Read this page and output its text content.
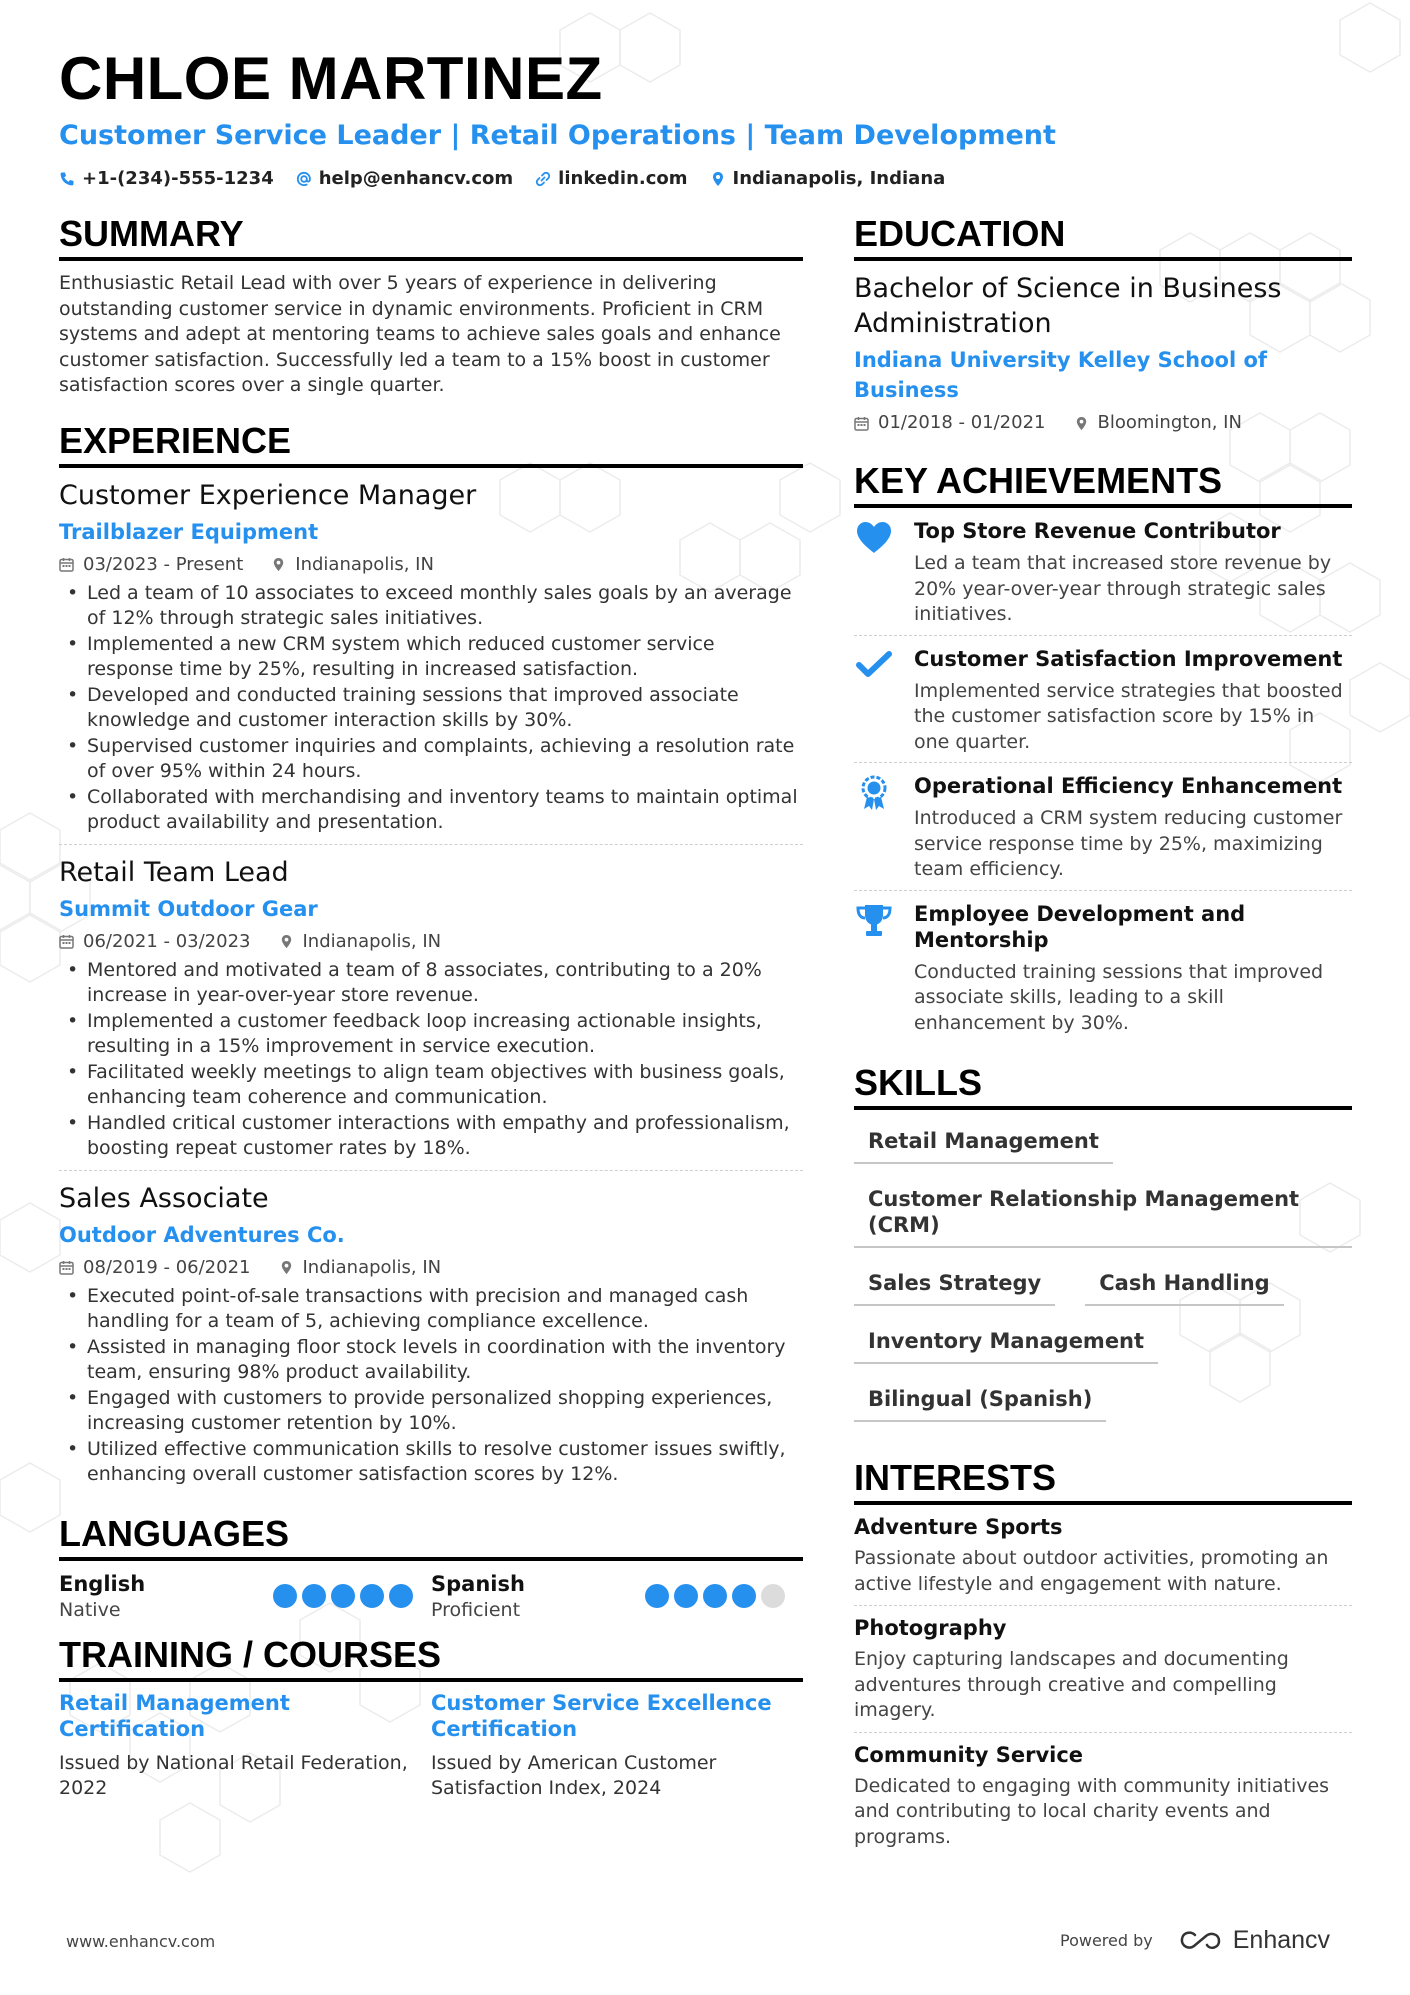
CHLOE MARTINEZ
Customer Service Leader | Retail Operations | Team Development
+1-(234)-555-1234	help@enhancv.com	linkedin.com	Indianapolis, Indiana
SUMMARY
Enthusiastic Retail Lead with over 5 years of experience in delivering outstanding customer service in dynamic environments. Proficient in CRM systems and adept at mentoring teams to achieve sales goals and enhance customer satisfaction. Successfully led a team to a 15% boost in customer satisfaction scores over a single quarter.
EXPERIENCE
Customer Experience Manager
Trailblazer Equipment
03/2023 - Present	Indianapolis, IN
• Led a team of 10 associates to exceed monthly sales goals by an average of 12% through strategic sales initiatives.
• Implemented a new CRM system which reduced customer service response time by 25%, resulting in increased satisfaction.
• Developed and conducted training sessions that improved associate knowledge and customer interaction skills by 30%.
• Supervised customer inquiries and complaints, achieving a resolution rate of over 95% within 24 hours.
• Collaborated with merchandising and inventory teams to maintain optimal product availability and presentation.
Retail Team Lead
Summit Outdoor Gear
06/2021 - 03/2023	Indianapolis, IN
• Mentored and motivated a team of 8 associates, contributing to a 20% increase in year-over-year store revenue.
• Implemented a customer feedback loop increasing actionable insights, resulting in a 15% improvement in service execution.
• Facilitated weekly meetings to align team objectives with business goals, enhancing team coherence and communication.
• Handled critical customer interactions with empathy and professionalism, boosting repeat customer rates by 18%.
Sales Associate
Outdoor Adventures Co.
08/2019 - 06/2021	Indianapolis, IN
• Executed point-of-sale transactions with precision and managed cash handling for a team of 5, achieving compliance excellence.
• Assisted in managing floor stock levels in coordination with the inventory team, ensuring 98% product availability.
• Engaged with customers to provide personalized shopping experiences, increasing customer retention by 10%.
• Utilized effective communication skills to resolve customer issues swiftly, enhancing overall customer satisfaction scores by 12%.
LANGUAGES
English
Native
Spanish
Proficient
TRAINING / COURSES
Retail Management Certification
Issued by National Retail Federation, 2022
Customer Service Excellence Certification
Issued by American Customer Satisfaction Index, 2024
EDUCATION
Bachelor of Science in Business Administration
Indiana University Kelley School of Business
01/2018 - 01/2021	Bloomington, IN
KEY ACHIEVEMENTS
Top Store Revenue Contributor
Led a team that increased store revenue by 20% year-over-year through strategic sales initiatives.
Customer Satisfaction Improvement
Implemented service strategies that boosted the customer satisfaction score by 15% in one quarter.
Operational Efficiency Enhancement
Introduced a CRM system reducing customer service response time by 25%, maximizing team efficiency.
Employee Development and Mentorship
Conducted training sessions that improved associate skills, leading to a skill enhancement by 30%.
SKILLS
Retail Management
Customer Relationship Management (CRM)
Sales Strategy	Cash Handling
Inventory Management
Bilingual (Spanish)
INTERESTS
Adventure Sports
Passionate about outdoor activities, promoting an active lifestyle and engagement with nature.
Photography
Enjoy capturing landscapes and documenting adventures through creative and compelling imagery.
Community Service
Dedicated to engaging with community initiatives and contributing to local charity events and programs.
www.enhancv.com	Powered by	Enhancv
